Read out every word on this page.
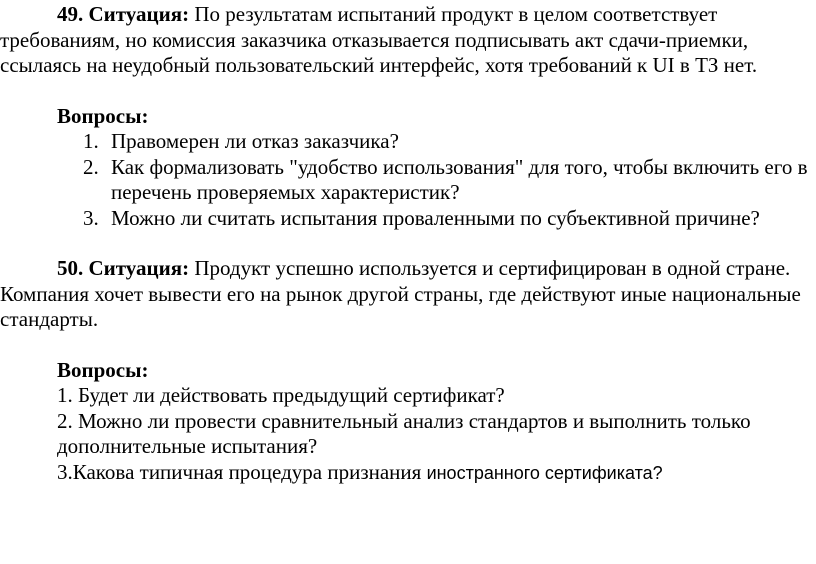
49. Ситуация: По результатам испытаний продукт в целом соответствует требованиям, но комиссия заказчика отказывается подписывать акт сдачи-приемки, ссылаясь на неудобный пользовательский интерфейс, хотя требований к UI в ТЗ нет.

Вопросы:

1. Правомерен ли отказ заказчика?
2. Как формализовать "удобство использования" для того, чтобы включить его в перечень проверяемых характеристик?
3. Можно ли считать испытания проваленными по субъективной причине?

50. Ситуация: Продукт успешно используется и сертифицирован в одной стране. Компания хочет вывести его на рынок другой страны, где действуют иные национальные стандарты.

Вопросы:

1. Будет ли действовать предыдущий сертификат?

2. Можно ли провести сравнительный анализ стандартов и выполнить только дополнительные испытания?

3.Какова типичная процедура признания иностранного сертификата?
